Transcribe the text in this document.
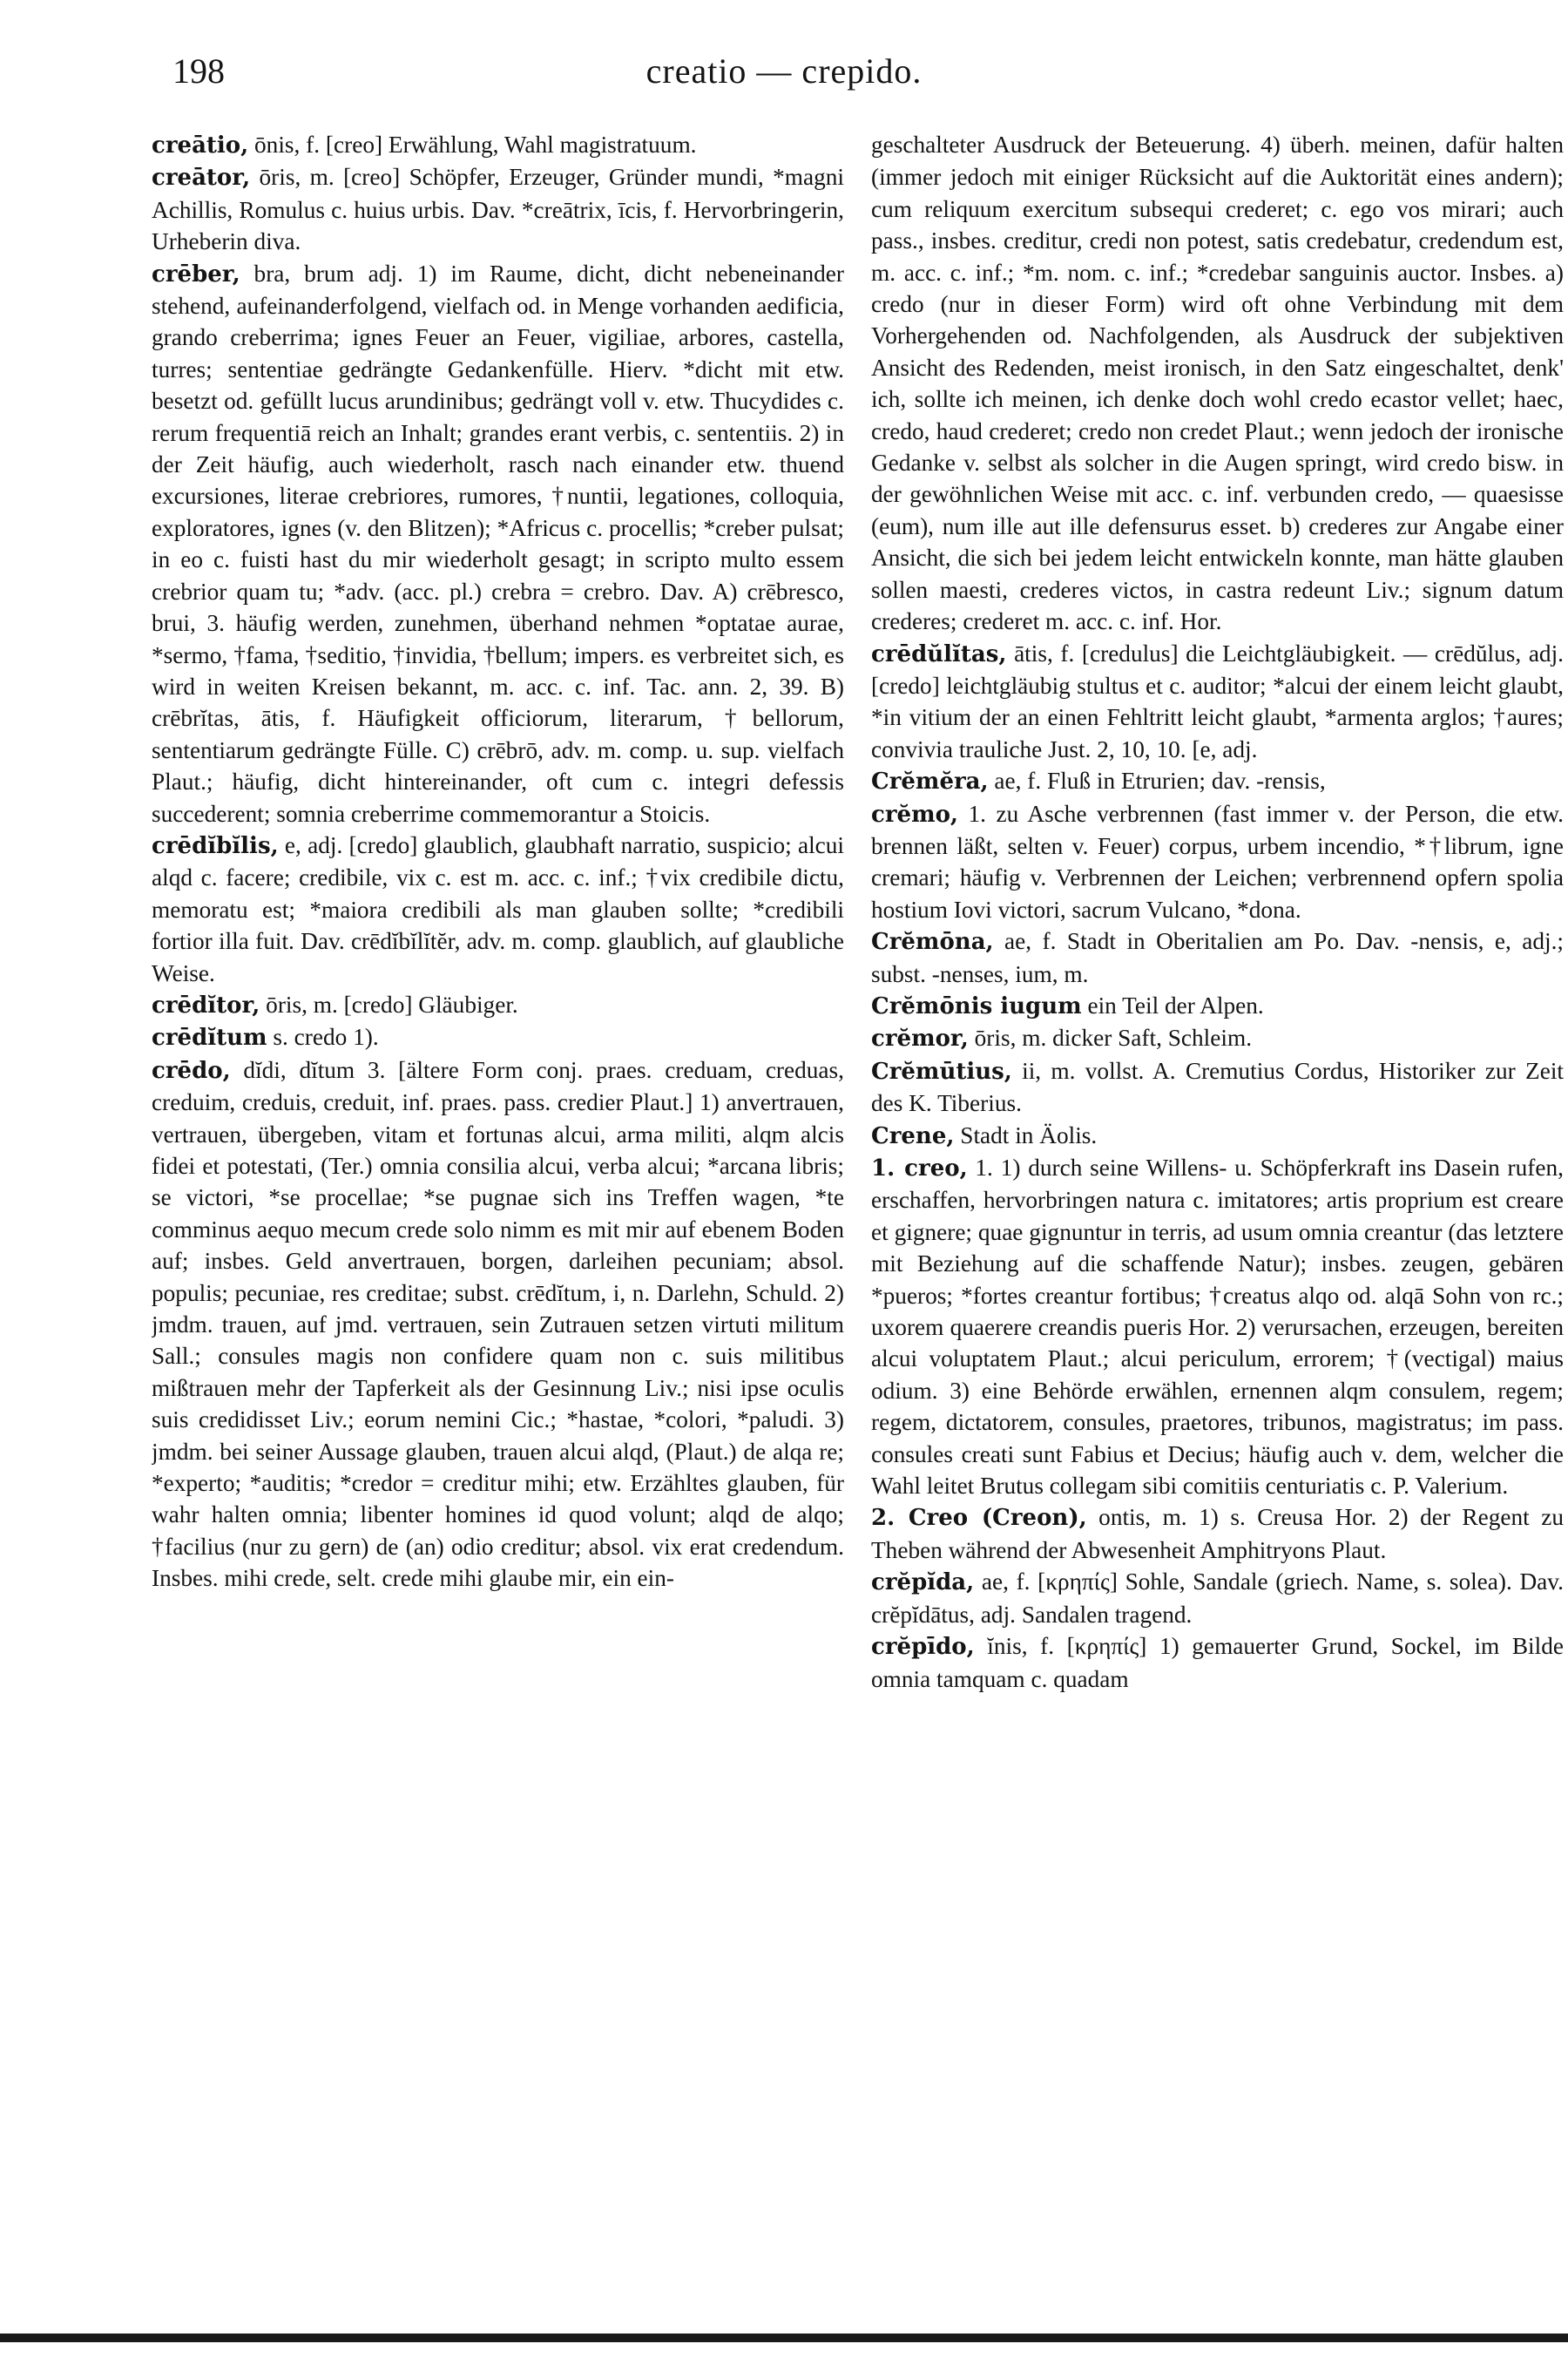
198	creatio — crepido.

creātio, ōnis, f. [creo] Erwählung, Wahl magistratuum.

creātor, ōris, m. [creo] Schöpfer, Erzeuger, Gründer mundi, *magni Achillis, Romulus c. huius urbis. Dav. *creātrix, īcis, f. Hervorbringerin, Urheberin diva.

crēber, bra, brum adj. 1) im Raume, dicht, dicht nebeneinander stehend, aufeinanderfolgend, vielfach od. in Menge vorhanden aedificia, grando creberrima; ignes Feuer an Feuer, vigiliae, arbores, castella, turres; sententiae gedrängte Gedankenfülle. Hierv. *dicht mit etw. besetzt od. gefüllt lucus arundinibus; gedrängt voll v. etw. Thucydides c. rerum frequentiā reich an Inhalt; grandes erant verbis, c. sententiis. 2) in der Zeit häufig, auch wiederholt, rasch nach einander etw. thuend excursiones, literae crebriores, rumores, †nuntii, legationes, colloquia, exploratores, ignes (v. den Blitzen); *Africus c. procellis; *creber pulsat; in eo c. fuisti hast du mir wiederholt gesagt; in scripto multo essem crebrior quam tu; *adv. (acc. pl.) crebra = crebro. Dav. A) crēbresco, brui, 3. häufig werden, zunehmen, überhand nehmen *optatae aurae, *sermo, †fama, †seditio, †invidia, †bellum; impers. es verbreitet sich, es wird in weiten Kreisen bekannt, m. acc. c. inf. Tac. ann. 2, 39. B) crēbrĭtas, ātis, f. Häufigkeit officiorum, literarum, †bellorum, sententiarum gedrängte Fülle. C) crēbrō, adv. m. comp. u. sup. vielfach Plaut.; häufig, dicht hintereinander, oft cum c. integri defessis succederent; somnia creberrime commemorantur a Stoicis.

crēdĭbĭlis, e, adj. [credo] glaublich, glaubhaft narratio, suspicio; alcui alqd c. facere; credibile, vix c. est m. acc. c. inf.; †vix credibile dictu, memoratu est; *maiora credibili als man glauben sollte; *credibili fortior illa fuit. Dav. crēdĭbĭlĭtĕr, adv. m. comp. glaublich, auf glaubliche Weise.

crēdĭtor, ōris, m. [credo] Gläubiger.

crēdĭtum s. credo 1).

crēdo, dĭdi, dĭtum 3. [ältere Form conj. praes. creduam, creduas, creduim, creduis, creduit, inf. praes. pass. credier Plaut.] 1) anvertrauen, vertrauen, übergeben, vitam et fortunas alcui, arma militi, alqm alcis fidei et potestati, (Ter.) omnia consilia alcui, verba alcui; *arcana libris; se victori, *se procellae; *se pugnae sich ins Treffen wagen, *te comminus aequo mecum crede solo nimm es mit mir auf ebenem Boden auf; insbes. Geld anvertrauen, borgen, darleihen pecuniam; absol. populis; pecuniae, res creditae; subst. crēdĭtum, i, n. Darlehn, Schuld. 2) jmdm. trauen, auf jmd. vertrauen, sein Zutrauen setzen virtuti militum Sall.; consules magis non confidere quam non c. suis militibus mißtrauen mehr der Tapferkeit als der Gesinnung Liv.; nisi ipse oculis suis credidisset Liv.; eorum nemini Cic.; *hastae, *colori, *paludi. 3) jmdm. bei seiner Aussage glauben, trauen alcui alqd, (Plaut.) de alqa re; *experto; *auditis; *credor = creditur mihi; etw. Erzähltes glauben, für wahr halten omnia; libenter homines id quod volunt; alqd de alqo; †facilius (nur zu gern) de (an) odio creditur; absol. vix erat credendum. Insbes. mihi crede, selt. crede mihi glaube mir, ein ein-

geschalteter Ausdruck der Beteuerung. 4) überh. meinen, dafür halten (immer jedoch mit einiger Rücksicht auf die Auktorität eines andern); cum reliquum exercitum subsequi crederet; c. ego vos mirari; auch pass., insbes. creditur, credi non potest, satis credebatur, credendum est, m. acc. c. inf.; *m. nom. c. inf.; *credebar sanguinis auctor. Insbes. a) credo (nur in dieser Form) wird oft ohne Verbindung mit dem Vorhergehenden od. Nachfolgenden, als Ausdruck der subjektiven Ansicht des Redenden, meist ironisch, in den Satz eingeschaltet, denk' ich, sollte ich meinen, ich denke doch wohl credo ecastor vellet; haec, credo, haud crederet; credo non credet Plaut.; wenn jedoch der ironische Gedanke v. selbst als solcher in die Augen springt, wird credo bisw. in der gewöhnlichen Weise mit acc. c. inf. verbunden credo, — quaesisse (eum), num ille aut ille defensurus esset. b) crederes zur Angabe einer Ansicht, die sich bei jedem leicht entwickeln konnte, man hätte glauben sollen maesti, crederes victos, in castra redeunt Liv.; signum datum crederes; crederet m. acc. c. inf. Hor.

crēdŭlĭtas, ātis, f. [credulus] die Leichtgläubigkeit. — crēdŭlus, adj. [credo] leichtgläubig stultus et c. auditor; *alcui der einem leicht glaubt, *in vitium der an einen Fehltritt leicht glaubt, *armenta arglos; †aures; convivia trauliche Just. 2, 10, 10. [e, adj.

Crĕmĕra, ae, f. Fluß in Etrurien; dav. -rensis,

crĕmo, 1. zu Asche verbrennen (fast immer v. der Person, die etw. brennen läßt, selten v. Feuer) corpus, urbem incendio, *†librum, igne cremari; häufig v. Verbrennen der Leichen; verbrennend opfern spolia hostium Iovi victori, sacrum Vulcano, *dona.

Crĕmōna, ae, f. Stadt in Oberitalien am Po. Dav. -nensis, e, adj.; subst. -nenses, ium, m.

Crĕmōnis iugum ein Teil der Alpen.

crĕmor, ōris, m. dicker Saft, Schleim.

Crĕmūtius, ii, m. vollst. A. Cremutius Cordus, Historiker zur Zeit des K. Tiberius.

Crene, Stadt in Äolis.

1. creo, 1. 1) durch seine Willens- u. Schöpferkraft ins Dasein rufen, erschaffen, hervorbringen natura c. imitatores; artis proprium est creare et gignere; quae gignuntur in terris, ad usum omnia creantur (das letztere mit Beziehung auf die schaffende Natur); insbes. zeugen, gebären *pueros; *fortes creantur fortibus; †creatus alqo od. alqā Sohn von rc.; uxorem quaerere creandis pueris Hor. 2) verursachen, erzeugen, bereiten alcui voluptatem Plaut.; alcui periculum, errorem; †(vectigal) maius odium. 3) eine Behörde erwählen, ernennen alqm consulem, regem; regem, dictatorem, consules, praetores, tribunos, magistratus; im pass. consules creati sunt Fabius et Decius; häufig auch v. dem, welcher die Wahl leitet Brutus collegam sibi comitiis centuriatis c. P. Valerium.

2. Creo (Creon), ontis, m. 1) s. Creusa Hor. 2) der Regent zu Theben während der Abwesenheit Amphitryons Plaut.

crĕpĭda, ae, f. [κρηπίς] Sohle, Sandale (griech. Name, s. solea). Dav. crĕpĭdātus, adj. Sandalen tragend.

crĕpīdo, ĭnis, f. [κρηπίς] 1) gemauerter Grund, Sockel, im Bilde omnia tamquam c. quadam
